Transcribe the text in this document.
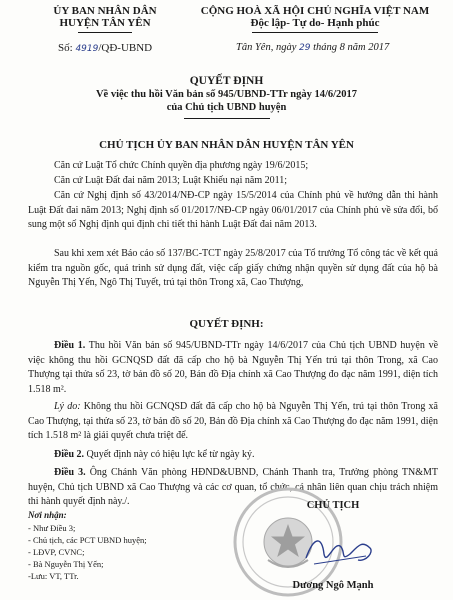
ỦY BAN NHÂN DÂN
HUYỆN TÂN YÊN
CỘNG HOÀ XÃ HỘI CHỦ NGHĨA VIỆT NAM
Độc lập- Tự do- Hạnh phúc
Số: 4919/QĐ-UBND	Tân Yên, ngày 29 tháng 8 năm 2017
QUYẾT ĐỊNH
Về việc thu hồi Văn bản số 945/UBND-TTr ngày 14/6/2017
của Chủ tịch UBND huyện
CHỦ TỊCH ỦY BAN NHÂN DÂN HUYỆN TÂN YÊN
Căn cứ Luật Tổ chức Chính quyền địa phương ngày 19/6/2015;
Căn cứ Luật Đất đai năm 2013; Luật Khiếu nại năm 2011;
Căn cứ Nghị định số 43/2014/NĐ-CP ngày 15/5/2014 của Chính phủ về hướng dẫn thi hành Luật Đất đai năm 2013; Nghị định số 01/2017/NĐ-CP ngày 06/01/2017 của Chính phủ về sửa đổi, bổ sung một số Nghị định qui định chi tiết thi hành Luật Đất đai năm 2013.
Sau khi xem xét Báo cáo số 137/BC-TCT ngày 25/8/2017 của Tổ trưởng Tổ công tác về kết quả kiểm tra nguồn gốc, quá trình sử dụng đất, việc cấp giấy chứng nhận quyền sử dụng đất của hộ bà Nguyễn Thị Yến, Ngô Thị Tuyết, trú tại thôn Trong xã, Cao Thượng,
QUYẾT ĐỊNH:
Điều 1. Thu hồi Văn bản số 945/UBND-TTr ngày 14/6/2017 của Chủ tịch UBND huyện về việc không thu hồi GCNQSD đất đã cấp cho hộ bà Nguyễn Thị Yến trú tại thôn Trong, xã Cao Thượng tại thửa số 23, tờ bản đồ số 20, Bản đồ Địa chính xã Cao Thượng đo đạc năm 1991, diện tích 1.518 m².
Lý do: Không thu hồi GCNQSD đất đã cấp cho hộ bà Nguyễn Thị Yến, trú tại thôn Trong xã Cao Thượng, tại thửa số 23, tờ bản đồ số 20, Bản đồ Địa chính xã Cao Thượng đo đạc năm 1991, diện tích 1.518 m² là giải quyết chưa triệt để.
Điều 2. Quyết định này có hiệu lực kể từ ngày ký.
Điều 3. Ông Chánh Văn phòng HĐND&UBND, Chánh Thanh tra, Trưởng phòng TN&MT huyện, Chủ tịch UBND xã Cao Thượng và các cơ quan, tổ chức, cá nhân liên quan chịu trách nhiệm thi hành quyết định này./.
Nơi nhận:
- Như Điều 3;
- Chủ tịch, các PCT UBND huyện;
- LĐVP, CVNC;
- Bà Nguyễn Thị Yến;
-Lưu: VT, TTr.
CHỦ TỊCH
Dương Ngô Mạnh
